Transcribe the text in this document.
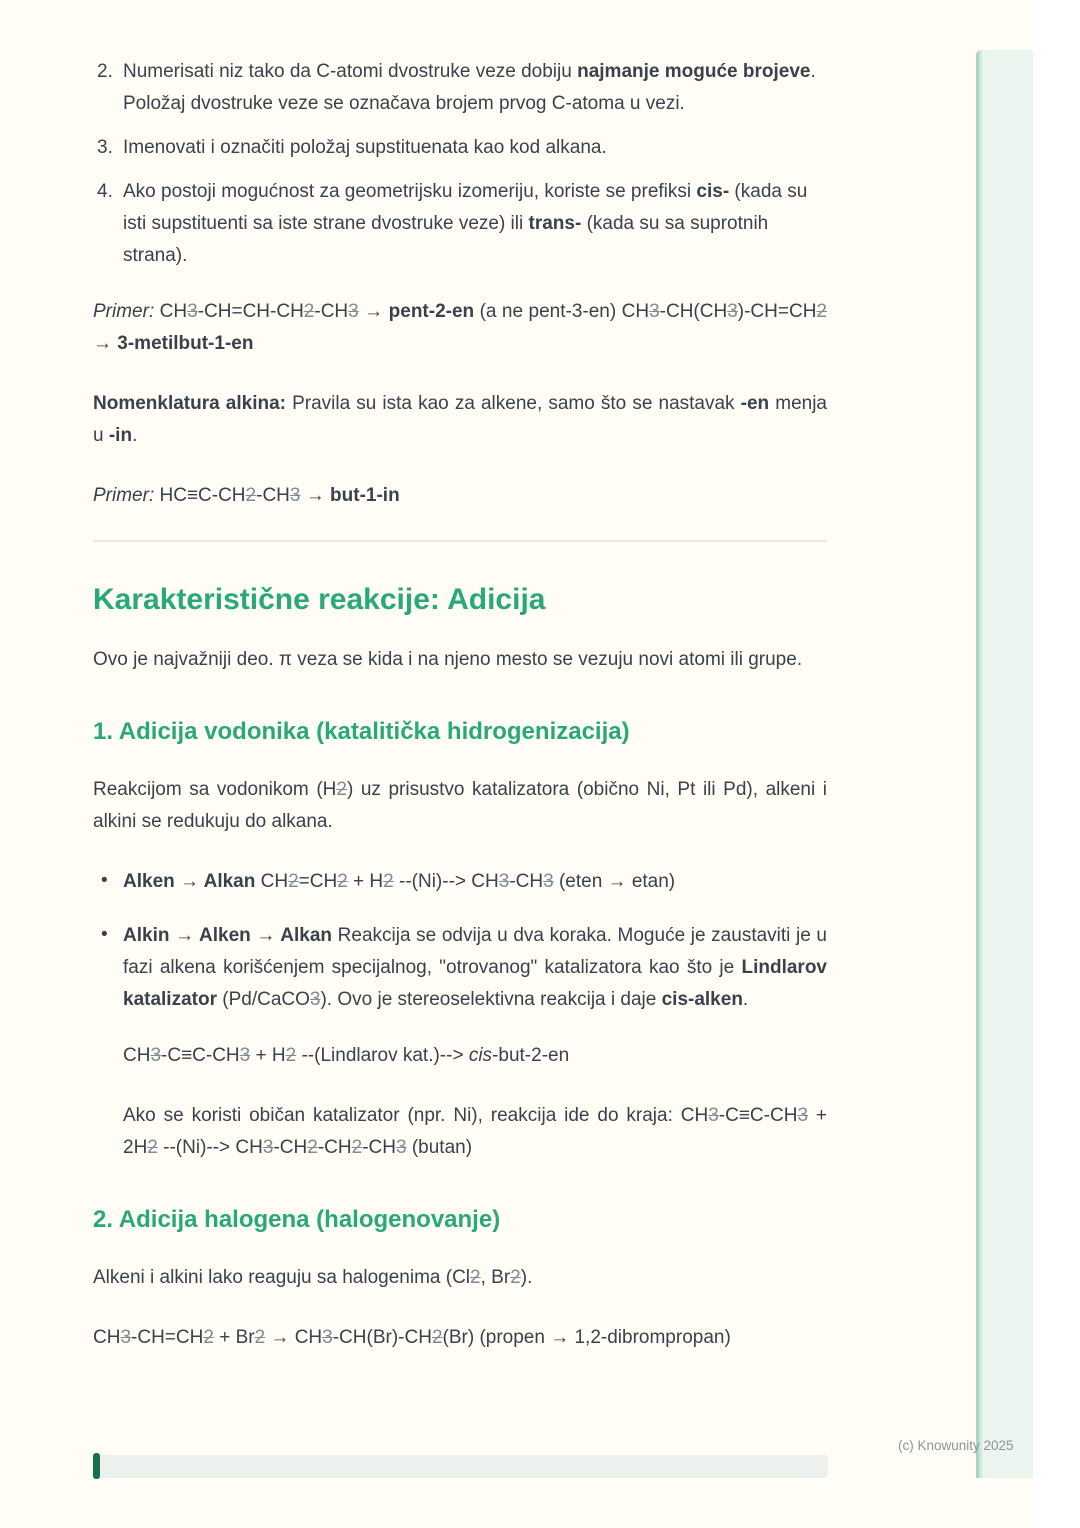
2. Numerisati niz tako da C-atomi dvostruke veze dobiju najmanje moguće brojeve. Položaj dvostruke veze se označava brojem prvog C-atoma u vezi.
3. Imenovati i označiti položaj supstituenata kao kod alkana.
4. Ako postoji mogućnost za geometrijsku izomeriju, koriste se prefiksi cis- (kada su isti supstituenti sa iste strane dvostruke veze) ili trans- (kada su sa suprotnih strana).

Primer: CH3-CH=CH-CH2-CH3 → pent-2-en (a ne pent-3-en) CH3-CH(CH3)-CH=CH2 → 3-metilbut-1-en

Nomenklatura alkina: Pravila su ista kao za alkene, samo što se nastavak -en menja u -in.

Primer: HC≡C-CH2-CH3 → but-1-in

Karakteristične reakcije: Adicija

Ovo je najvažniji deo. π veza se kida i na njeno mesto se vezuju novi atomi ili grupe.

1. Adicija vodonika (katalitička hidrogenizacija)

Reakcijom sa vodonikom (H2) uz prisustvo katalizatora (obično Ni, Pt ili Pd), alkeni i alkini se redukuju do alkana.

• Alken → Alkan CH2=CH2 + H2 --(Ni)--> CH3-CH3 (eten → etan)
• Alkin → Alken → Alkan Reakcija se odvija u dva koraka. Moguće je zaustaviti je u fazi alkena korišćenjem specijalnog, "otrovanog" katalizatora kao što je Lindlarov katalizator (Pd/CaCO3). Ovo je stereoselektivna reakcija i daje cis-alken.

CH3-C≡C-CH3 + H2 --(Lindlarov kat.)--> cis-but-2-en

Ako se koristi običan katalizator (npr. Ni), reakcija ide do kraja: CH3-C≡C-CH3 + 2H2 --(Ni)--> CH3-CH2-CH2-CH3 (butan)

2. Adicija halogena (halogenovanje)

Alkeni i alkini lako reaguju sa halogenima (Cl2, Br2).

CH3-CH=CH2 + Br2 → CH3-CH(Br)-CH2(Br) (propen → 1,2-dibrompropan)

(c) Knowunity 2025
